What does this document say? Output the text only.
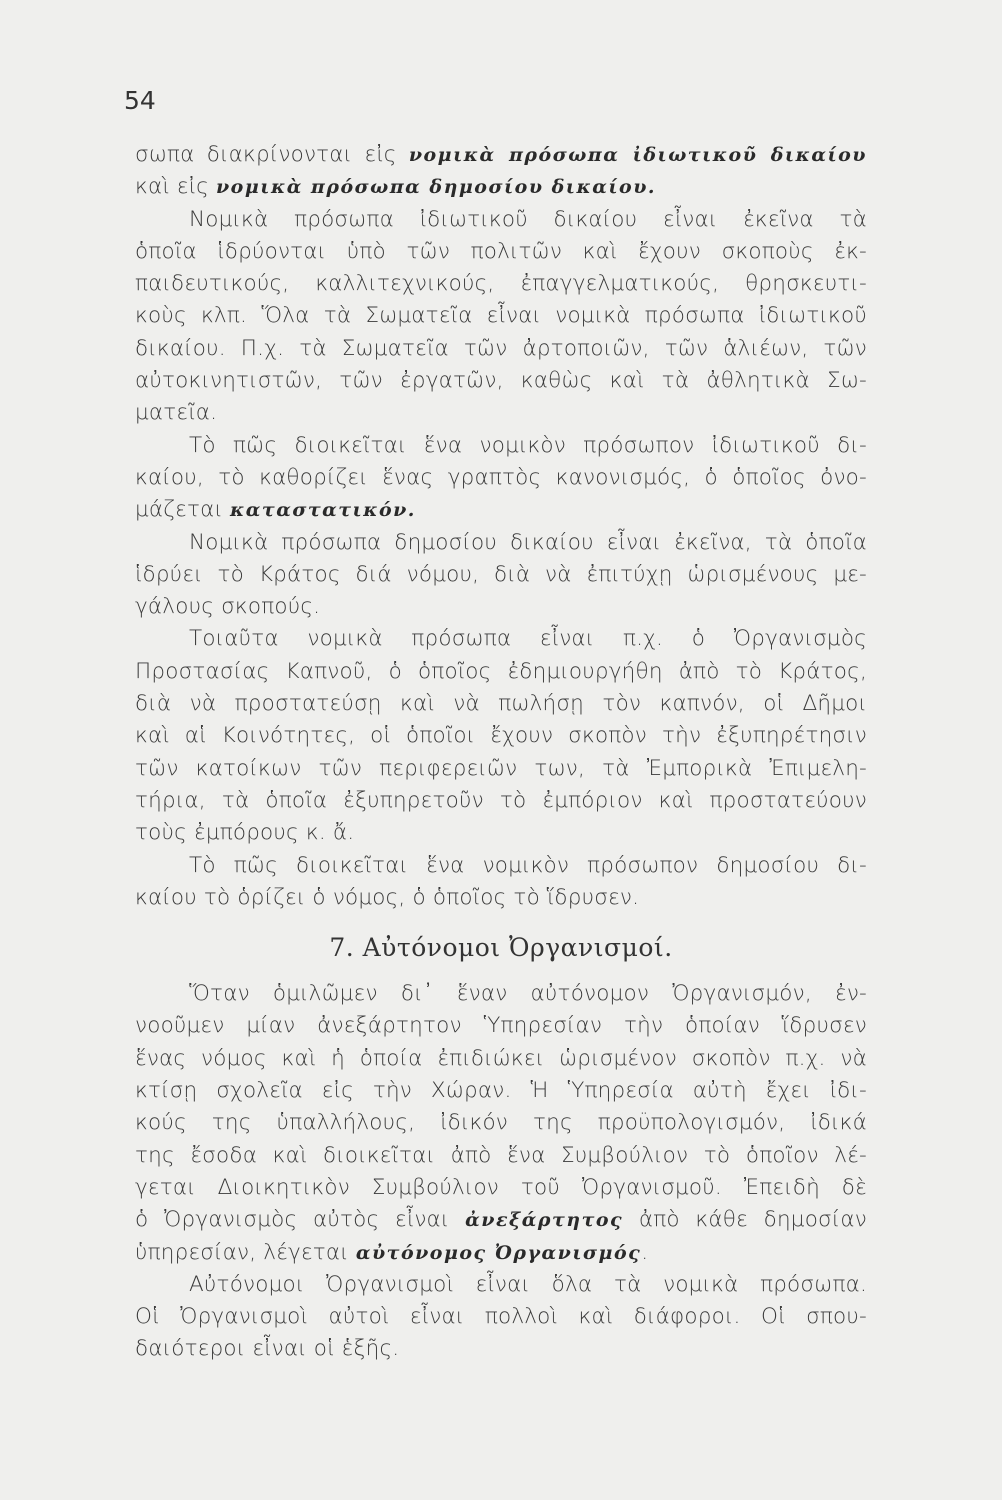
54
σωπα διακρίνονται εἰς νομικὰ πρόσωπα ἰδιωτικοῦ δικαίου
καὶ εἰς νομικὰ πρόσωπα δημοσίου δικαίου.
Νομικὰ πρόσωπα ἰδιωτικοῦ δικαίου εἶναι ἐκεῖνα τὰ
ὁποῖα ἱδρύονται ὑπὸ τῶν πολιτῶν καὶ ἔχουν σκοποὺς ἐκ-
παιδευτικούς, καλλιτεχνικούς, ἐπαγγελματικούς, θρησκευτι-
κοὺς κλπ. Ὅλα τὰ Σωματεῖα εἶναι νομικὰ πρόσωπα ἰδιωτικοῦ
δικαίου. Π.χ. τὰ Σωματεῖα τῶν ἀρτοποιῶν, τῶν ἁλιέων, τῶν
αὐτοκινητιστῶν, τῶν ἐργατῶν, καθὼς καὶ τὰ ἀθλητικὰ Σω-
ματεῖα.
Τὸ πῶς διοικεῖται ἕνα νομικὸν πρόσωπον ἰδιωτικοῦ δι-
καίου, τὸ καθορίζει ἕνας γραπτὸς κανονισμός, ὁ ὁποῖος ὀνο-
μάζεται καταστατικόν.
Νομικὰ πρόσωπα δημοσίου δικαίου εἶναι ἐκεῖνα, τὰ ὁποῖα
ἱδρύει τὸ Κράτος διά νόμου, διὰ νὰ ἐπιτύχῃ ὡρισμένους με-
γάλους σκοπούς.
Τοιαῦτα νομικὰ πρόσωπα εἶναι π.χ. ὁ Ὀργανισμὸς
Προστασίας Καπνοῦ, ὁ ὁποῖος ἐδημιουργήθη ἀπὸ τὸ Κράτος,
διὰ νὰ προστατεύσῃ καὶ νὰ πωλήσῃ τὸν καπνόν, οἱ Δῆμοι
καὶ αἱ Κοινότητες, οἱ ὁποῖοι ἔχουν σκοπὸν τὴν ἐξυπηρέτησιν
τῶν κατοίκων τῶν περιφερειῶν των, τὰ Ἐμπορικὰ Ἐπιμελη-
τήρια, τὰ ὁποῖα ἐξυπηρετοῦν τὸ ἐμπόριον καὶ προστατεύουν
τοὺς ἐμπόρους κ. ἄ.
Τὸ πῶς διοικεῖται ἕνα νομικὸν πρόσωπον δημοσίου δι-
καίου τὸ ὁρίζει ὁ νόμος, ὁ ὁποῖος τὸ ἵδρυσεν.
7. Αὐτόνομοι Ὀργανισμοί.
Ὅταν ὁμιλῶμεν δι᾽ ἕναν αὐτόνομον Ὀργανισμόν, ἐν-
νοοῦμεν μίαν ἀνεξάρτητον Ὑπηρεσίαν τὴν ὁποίαν ἵδρυσεν
ἕνας νόμος καὶ ἡ ὁποία ἐπιδιώκει ὡρισμένον σκοπὸν π.χ. νὰ
κτίσῃ σχολεῖα εἰς τὴν Χώραν. Ἡ Ὑπηρεσία αὐτὴ ἔχει ἰδι-
κούς της ὑπαλλήλους, ἰδικόν της προϋπολογισμόν, ἰδικά
της ἔσοδα καὶ διοικεῖται ἀπὸ ἕνα Συμβούλιον τὸ ὁποῖον λέ-
γεται Διοικητικὸν Συμβούλιον τοῦ Ὀργανισμοῦ. Ἐπειδὴ δὲ
ὁ Ὀργανισμὸς αὐτὸς εἶναι ἀνεξάρτητος ἀπὸ κάθε δημοσίαν
ὑπηρεσίαν, λέγεται αὐτόνομος Ὀργανισμός.
Αὐτόνομοι Ὀργανισμοὶ εἶναι ὅλα τὰ νομικὰ πρόσωπα.
Οἱ Ὀργανισμοὶ αὐτοὶ εἶναι πολλοὶ καὶ διάφοροι. Οἱ σπου-
δαιότεροι εἶναι οἱ ἑξῆς.
